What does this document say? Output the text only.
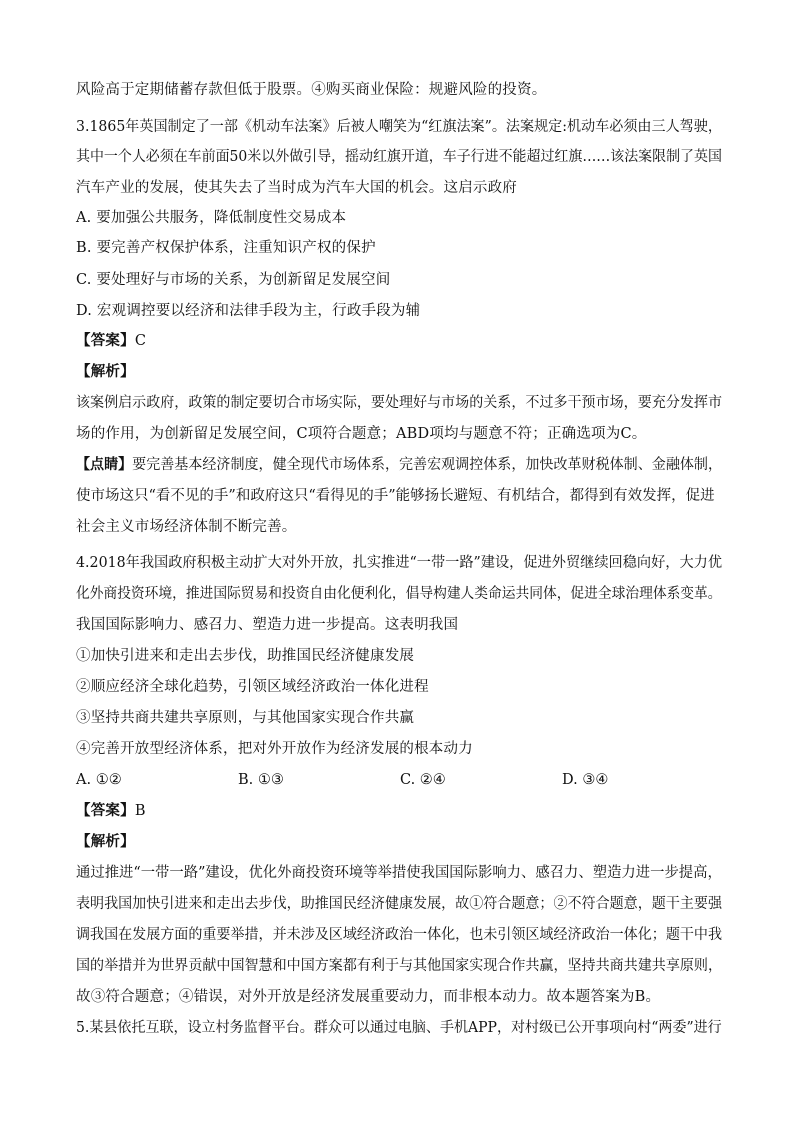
风险高于定期储蓄存款但低于股票。④购买商业保险：规避风险的投资。
3.1865年英国制定了一部《机动车法案》后被人嘲笑为“红旗法案”。法案规定:机动车必须由三人驾驶，
其中一个人必须在车前面50米以外做引导，摇动红旗开道，车子行进不能超过红旗……该法案限制了英国
汽车产业的发展，使其失去了当时成为汽车大国的机会。这启示政府
A. 要加强公共服务，降低制度性交易成本
B. 要完善产权保护体系，注重知识产权的保护
C. 要处理好与市场的关系，为创新留足发展空间
D. 宏观调控要以经济和法律手段为主，行政手段为辅
【答案】C
【解析】
该案例启示政府，政策的制定要切合市场实际，要处理好与市场的关系，不过多干预市场，要充分发挥市
场的作用，为创新留足发展空间，C项符合题意；ABD项均与题意不符；正确选项为C。
【点睛】要完善基本经济制度，健全现代市场体系，完善宏观调控体系，加快改革财税体制、金融体制，
使市场这只“看不见的手”和政府这只“看得见的手”能够扬长避短、有机结合，都得到有效发挥，促进
社会主义市场经济体制不断完善。
4.2018年我国政府积极主动扩大对外开放，扎实推进“一带一路”建设，促进外贸继续回稳向好，大力优
化外商投资环境，推进国际贸易和投资自由化便利化，倡导构建人类命运共同体，促进全球治理体系变革。
我国国际影响力、感召力、塑造力进一步提高。这表明我国
①加快引进来和走出去步伐，助推国民经济健康发展
②顺应经济全球化趋势，引领区域经济政治一体化进程
③坚持共商共建共享原则，与其他国家实现合作共赢
④完善开放型经济体系，把对外开放作为经济发展的根本动力
A. ①②	B. ①③	C. ②④	D. ③④
【答案】B
【解析】
通过推进“一带一路”建设，优化外商投资环境等举措使我国国际影响力、感召力、塑造力进一步提高，
表明我国加快引进来和走出去步伐，助推国民经济健康发展，故①符合题意；②不符合题意，题干主要强
调我国在发展方面的重要举措，并未涉及区域经济政治一体化，也未引领区域经济政治一体化；题干中我
国的举措并为世界贡献中国智慧和中国方案都有利于与其他国家实现合作共赢，坚持共商共建共享原则，
故③符合题意；④错误，对外开放是经济发展重要动力，而非根本动力。故本题答案为B。
5.某县依托互联，设立村务监督平台。群众可以通过电脑、手机APP，对村级已公开事项向村“两委”进行
